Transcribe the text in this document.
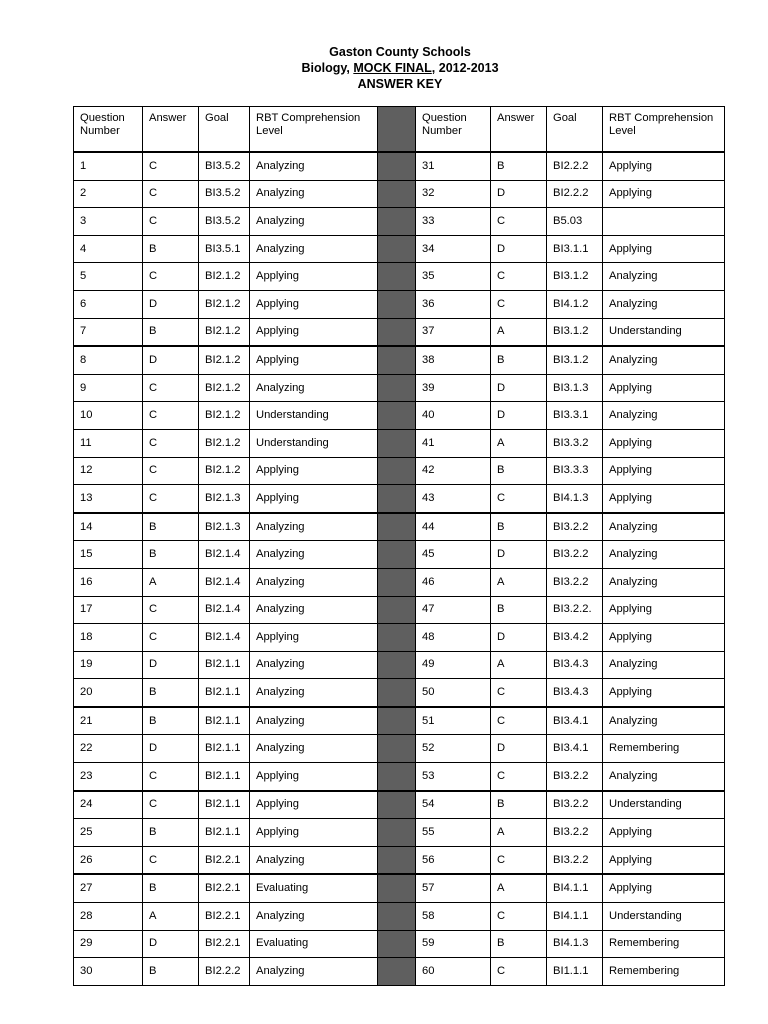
Gaston County Schools
Biology, MOCK FINAL, 2012-2013
ANSWER KEY
Question Number	Answer	Goal	RBT Comprehension Level		Question Number	Answer	Goal	RBT Comprehension Level
1	C	BI3.5.2	Analyzing		31	B	BI2.2.2	Applying
2	C	BI3.5.2	Analyzing		32	D	BI2.2.2	Applying
3	C	BI3.5.2	Analyzing		33	C	B5.03	
4	B	BI3.5.1	Analyzing		34	D	BI3.1.1	Applying
5	C	BI2.1.2	Applying		35	C	BI3.1.2	Analyzing
6	D	BI2.1.2	Applying		36	C	BI4.1.2	Analyzing
7	B	BI2.1.2	Applying		37	A	BI3.1.2	Understanding
8	D	BI2.1.2	Applying		38	B	BI3.1.2	Analyzing
9	C	BI2.1.2	Analyzing		39	D	BI3.1.3	Applying
10	C	BI2.1.2	Understanding		40	D	BI3.3.1	Analyzing
11	C	BI2.1.2	Understanding		41	A	BI3.3.2	Applying
12	C	BI2.1.2	Applying		42	B	BI3.3.3	Applying
13	C	BI2.1.3	Applying		43	C	BI4.1.3	Applying
14	B	BI2.1.3	Analyzing		44	B	BI3.2.2	Analyzing
15	B	BI2.1.4	Analyzing		45	D	BI3.2.2	Analyzing
16	A	BI2.1.4	Analyzing		46	A	BI3.2.2	Analyzing
17	C	BI2.1.4	Analyzing		47	B	BI3.2.2.	Applying
18	C	BI2.1.4	Applying		48	D	BI3.4.2	Applying
19	D	BI2.1.1	Analyzing		49	A	BI3.4.3	Analyzing
20	B	BI2.1.1	Analyzing		50	C	BI3.4.3	Applying
21	B	BI2.1.1	Analyzing		51	C	BI3.4.1	Analyzing
22	D	BI2.1.1	Analyzing		52	D	BI3.4.1	Remembering
23	C	BI2.1.1	Applying		53	C	BI3.2.2	Analyzing
24	C	BI2.1.1	Applying		54	B	BI3.2.2	Understanding
25	B	BI2.1.1	Applying		55	A	BI3.2.2	Applying
26	C	BI2.2.1	Analyzing		56	C	BI3.2.2	Applying
27	B	BI2.2.1	Evaluating		57	A	BI4.1.1	Applying
28	A	BI2.2.1	Analyzing		58	C	BI4.1.1	Understanding
29	D	BI2.2.1	Evaluating		59	B	BI4.1.3	Remembering
30	B	BI2.2.2	Analyzing		60	C	BI1.1.1	Remembering
